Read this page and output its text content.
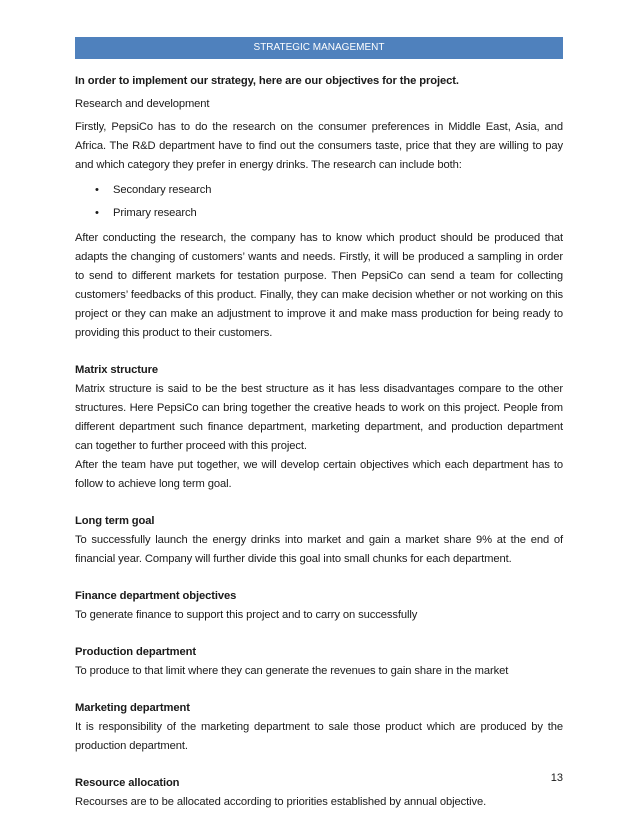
STRATEGIC MANAGEMENT

In order to implement our strategy, here are our objectives for the project.

Research and development

Firstly, PepsiCo has to do the research on the consumer preferences in Middle East, Asia, and Africa. The R&D department have to find out the consumers taste, price that they are willing to pay and which category they prefer in energy drinks. The research can include both:

• Secondary research
• Primary research

After conducting the research, the company has to know which product should be produced that adapts the changing of customers’ wants and needs. Firstly, it will be produced a sampling in order to send to different markets for testation purpose. Then PepsiCo can send a team for collecting customers’ feedbacks of this product. Finally, they can make decision whether or not working on this project or they can make an adjustment to improve it and make mass production for being ready to providing this product to their customers.

Matrix structure

Matrix structure is said to be the best structure as it has less disadvantages compare to the other structures. Here PepsiCo can bring together the creative heads to work on this project. People from different department such finance department, marketing department, and production department can together to further proceed with this project.

After the team have put together, we will develop certain objectives which each department has to follow to achieve long term goal.

Long term goal

To successfully launch the energy drinks into market and gain a market share 9% at the end of financial year. Company will further divide this goal into small chunks for each department.

Finance department objectives

To generate finance to support this project and to carry on successfully

Production department

To produce to that limit where they can generate the revenues to gain share in the market

Marketing department

It is responsibility of the marketing department to sale those product which are produced by the production department.

Resource allocation

Recourses are to be allocated according to priorities established by annual objective.

13
